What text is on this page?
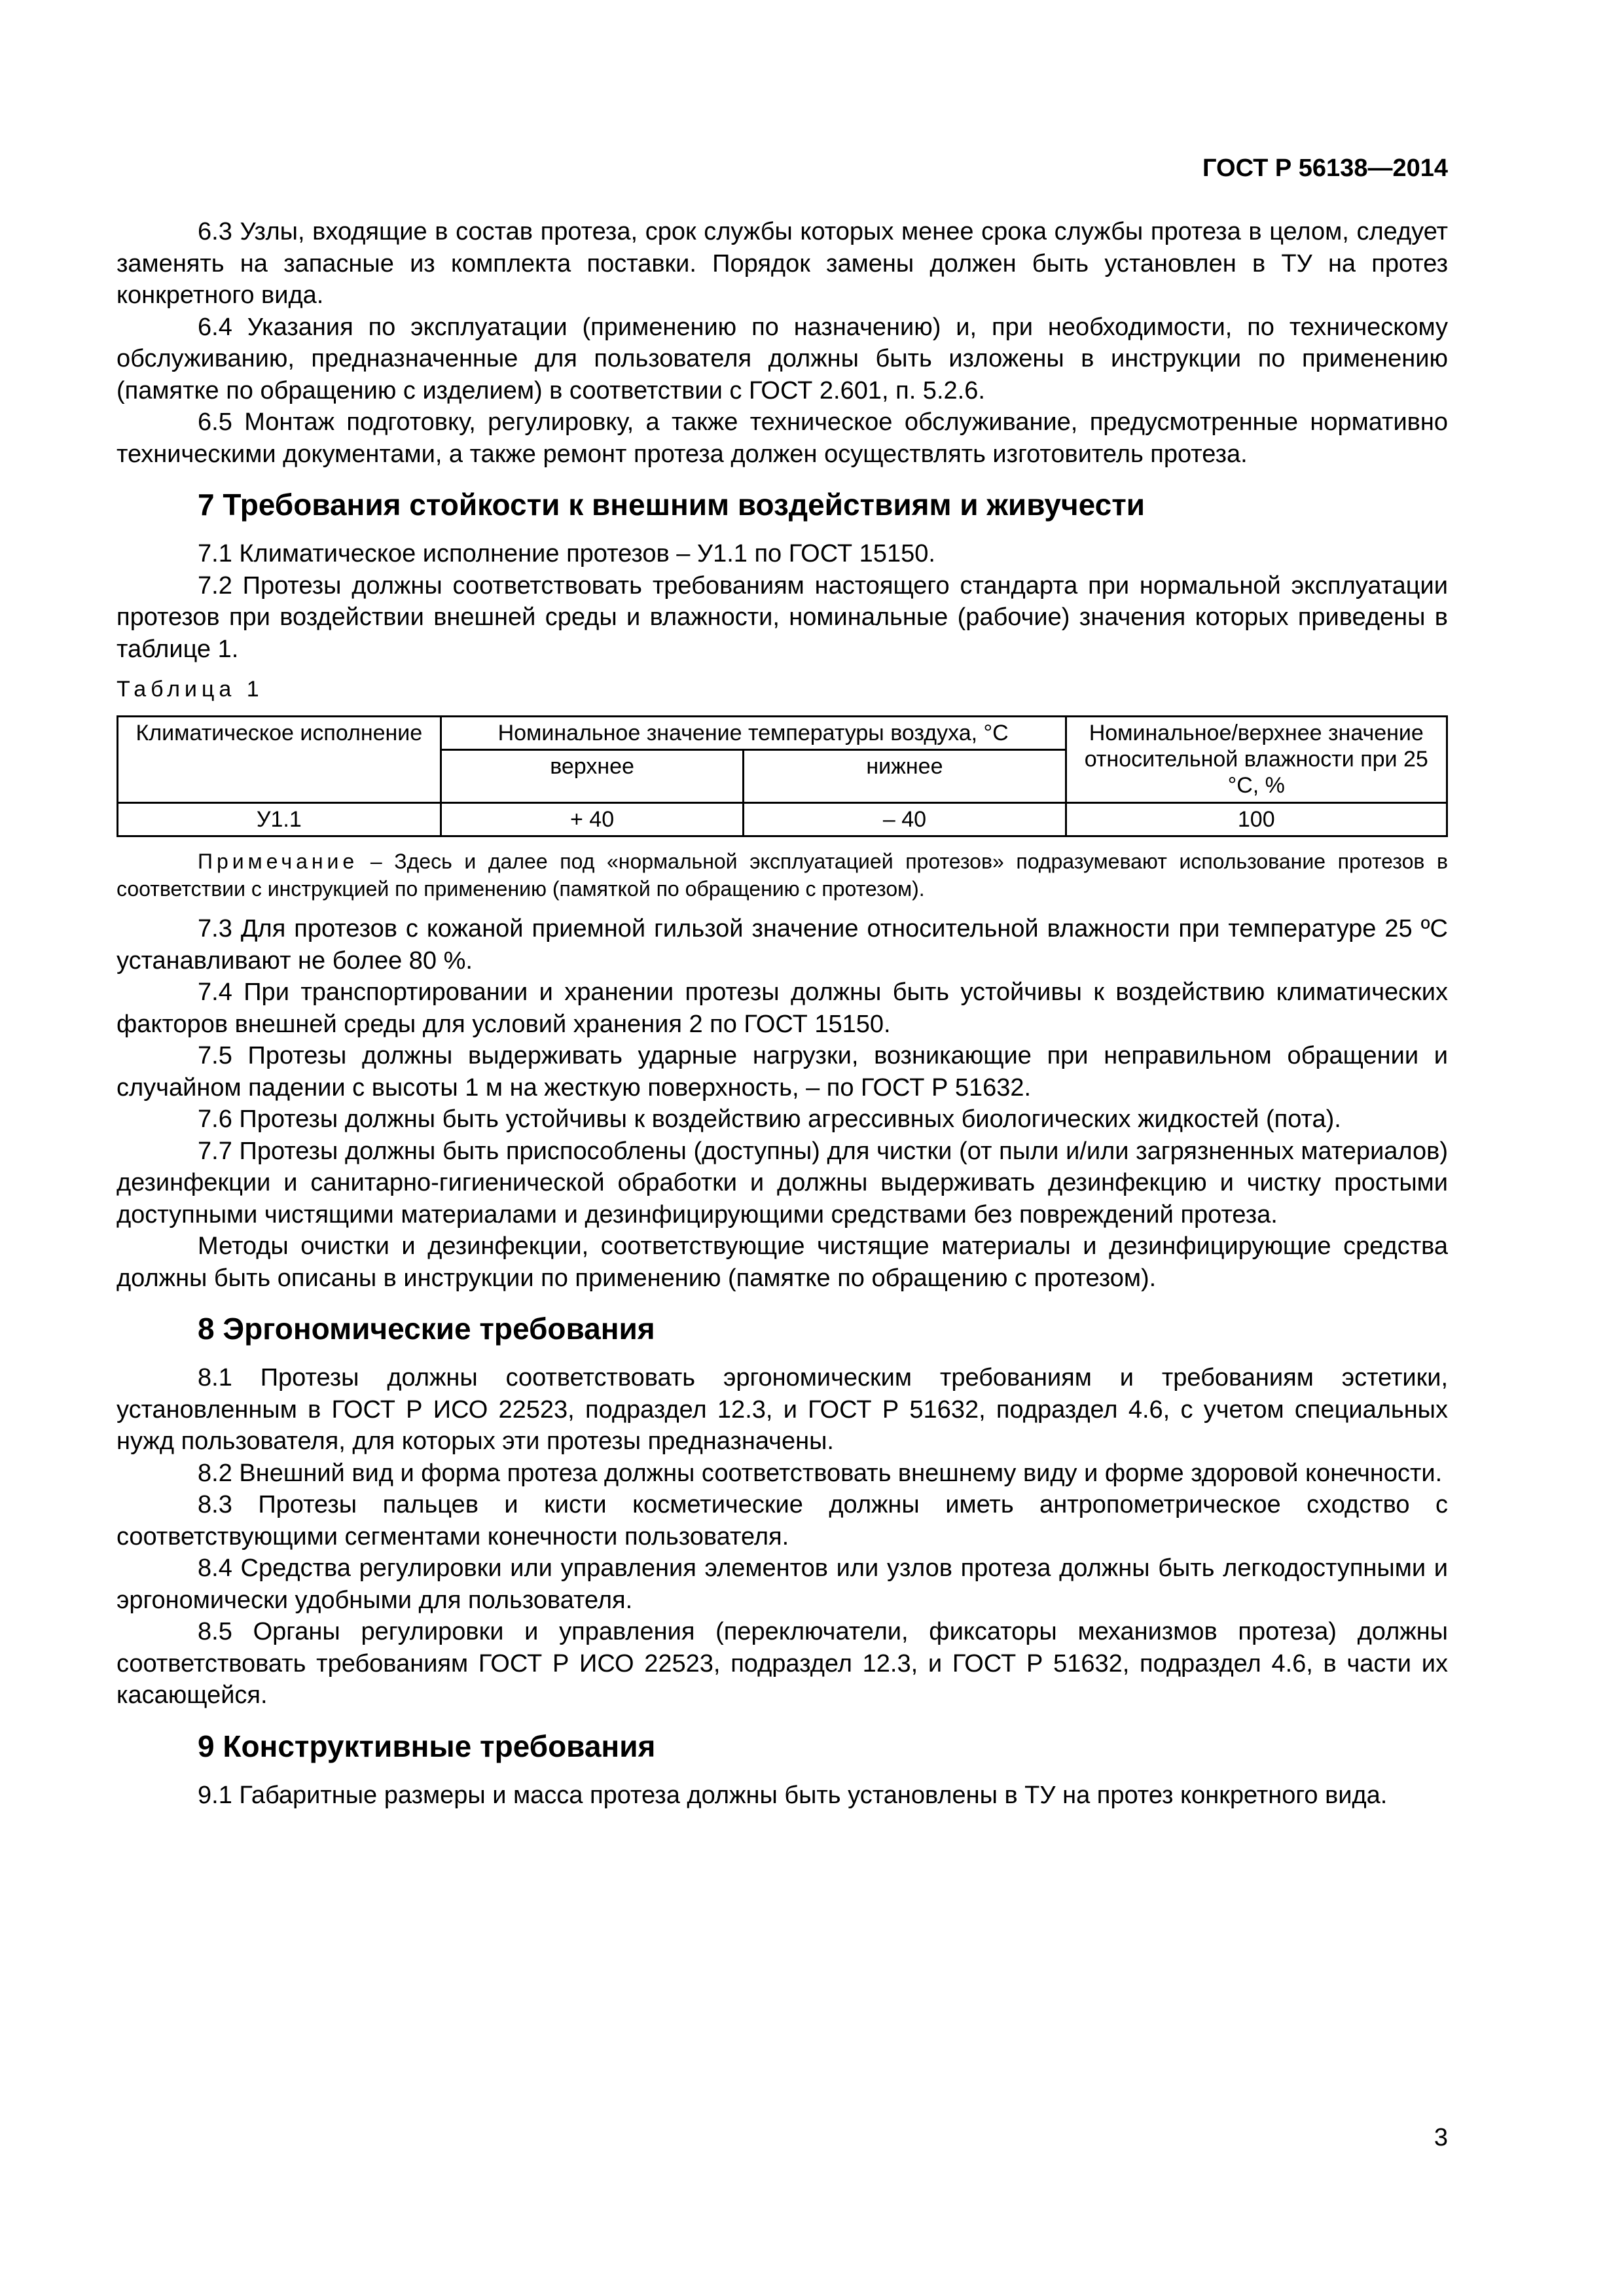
ГОСТ Р 56138—2014

6.3 Узлы, входящие в состав протеза, срок службы которых менее срока службы протеза в целом, следует заменять на запасные из комплекта поставки. Порядок замены должен быть установлен в ТУ на протез конкретного вида.

6.4 Указания по эксплуатации (применению по назначению) и, при необходимости, по техническому обслуживанию, предназначенные для пользователя должны быть изложены в инструкции по применению (памятке по обращению с изделием) в соответствии с ГОСТ 2.601, п. 5.2.6.

6.5 Монтаж подготовку, регулировку, а также техническое обслуживание, предусмотренные нормативно техническими документами, а также ремонт протеза должен осуществлять изготовитель протеза.

7 Требования стойкости к внешним воздействиям и живучести

7.1 Климатическое исполнение протезов – У1.1 по ГОСТ 15150.

7.2 Протезы должны соответствовать требованиям настоящего стандарта при нормальной эксплуатации протезов при воздействии внешней среды и влажности, номинальные (рабочие) значения которых приведены в таблице 1.

Таблица 1
Климатическое исполнение	Номинальное значение температуры воздуха, °С		Номинальное/верхнее значение относительной влажности при 25 °С, %
	верхнее	нижнее	
У1.1	+ 40	– 40	100

Примечание – Здесь и далее под «нормальной эксплуатацией протезов» подразумевают использование протезов в соответствии с инструкцией по применению (памяткой по обращению с протезом).

7.3 Для протезов с кожаной приемной гильзой значение относительной влажности при температуре 25 ºC устанавливают не более 80 %.

7.4 При транспортировании и хранении протезы должны быть устойчивы к воздействию климатических факторов внешней среды для условий хранения 2 по ГОСТ 15150.

7.5 Протезы должны выдерживать ударные нагрузки, возникающие при неправильном обращении и случайном падении с высоты 1 м на жесткую поверхность, – по ГОСТ Р 51632.

7.6 Протезы должны быть устойчивы к воздействию агрессивных биологических жидкостей (пота).

7.7 Протезы должны быть приспособлены (доступны) для чистки (от пыли и/или загрязненных материалов) дезинфекции и санитарно-гигиенической обработки и должны выдерживать дезинфекцию и чистку простыми доступными чистящими материалами и дезинфицирующими средствами без повреждений протеза.

Методы очистки и дезинфекции, соответствующие чистящие материалы и дезинфицирующие средства должны быть описаны в инструкции по применению (памятке по обращению с протезом).

8 Эргономические требования

8.1 Протезы должны соответствовать эргономическим требованиям и требованиям эстетики, установленным в ГОСТ Р ИСО 22523, подраздел 12.3, и ГОСТ Р 51632, подраздел 4.6, с учетом специальных нужд пользователя, для которых эти протезы предназначены.

8.2 Внешний вид и форма протеза должны соответствовать внешнему виду и форме здоровой конечности.

8.3 Протезы пальцев и кисти косметические должны иметь антропометрическое сходство с соответствующими сегментами конечности пользователя.

8.4 Средства регулировки или управления элементов или узлов протеза должны быть легкодоступными и эргономически удобными для пользователя.

8.5 Органы регулировки и управления (переключатели, фиксаторы механизмов протеза) должны соответствовать требованиям ГОСТ Р ИСО 22523, подраздел 12.3, и ГОСТ Р 51632, подраздел 4.6, в части их касающейся.

9 Конструктивные требования

9.1 Габаритные размеры и масса протеза должны быть установлены в ТУ на протез конкретного вида.

3
